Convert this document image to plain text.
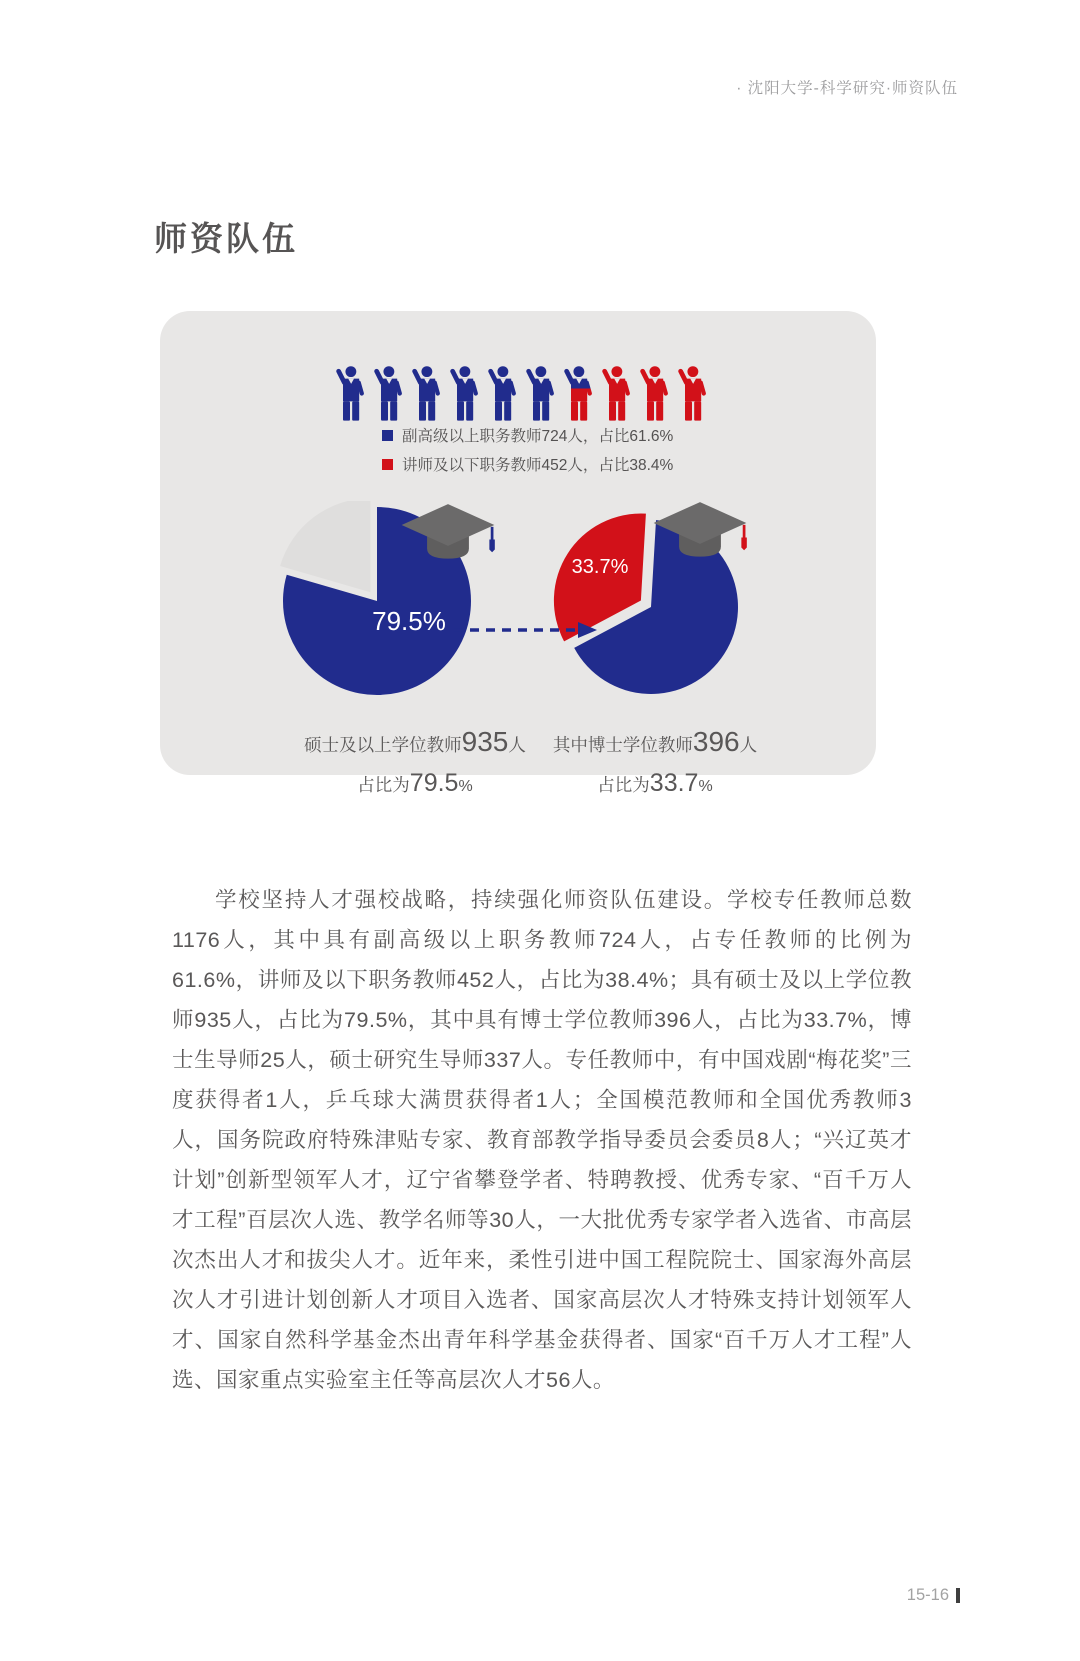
· 沈阳大学-科学研究·师资队伍
师资队伍
副高级以上职务教师724人，占比61.6%
讲师及以下职务教师452人，占比38.4%
79.5%
33.7%
硕士及以上学位教师935人
占比为79.5%
其中博士学位教师396人
占比为33.7%

学校坚持人才强校战略，持续强化师资队伍建设。学校专任教师总数1176人，其中具有副高级以上职务教师724人，占专任教师的比例为61.6%，讲师及以下职务教师452人，占比为38.4%；具有硕士及以上学位教师935人，占比为79.5%，其中具有博士学位教师396人，占比为33.7%，博士生导师25人，硕士研究生导师337人。专任教师中，有中国戏剧“梅花奖”三度获得者1人，乒乓球大满贯获得者1人；全国模范教师和全国优秀教师3人，国务院政府特殊津贴专家、教育部教学指导委员会委员8人；“兴辽英才计划”创新型领军人才，辽宁省攀登学者、特聘教授、优秀专家、“百千万人才工程”百层次人选、教学名师等30人，一大批优秀专家学者入选省、市高层次杰出人才和拔尖人才。近年来，柔性引进中国工程院院士、国家海外高层次人才引进计划创新人才项目入选者、国家高层次人才特殊支持计划领军人才、国家自然科学基金杰出青年科学基金获得者、国家“百千万人才工程”人选、国家重点实验室主任等高层次人才56人。

15-16
